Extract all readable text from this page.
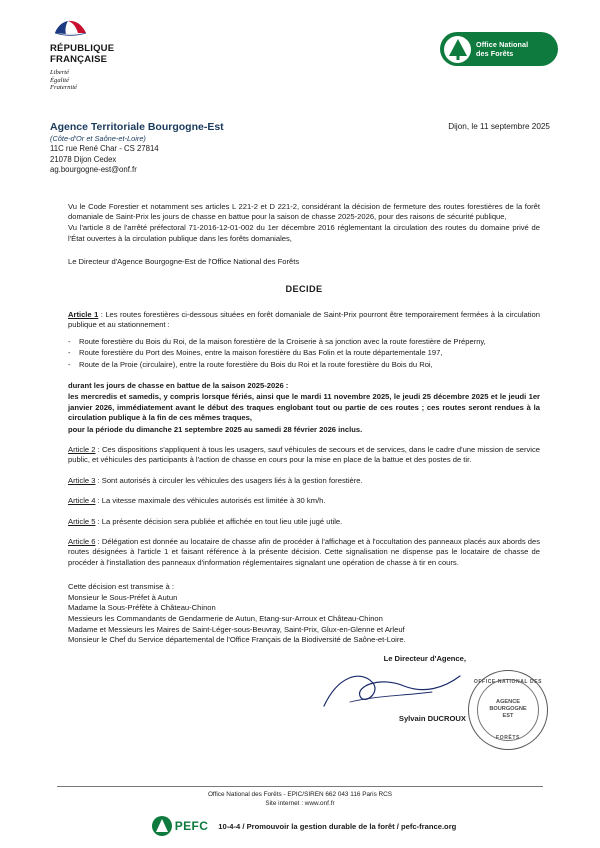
RÉPUBLIQUE
FRANÇAISE
Liberté
Égalité
Fraternité
Office National
des Forêts
Agence Territoriale Bourgogne-Est
(Côte-d'Or et Saône-et-Loire)
11C rue René Char - CS 27814
21078 Dijon Cedex
ag.bourgogne-est@onf.fr
Dijon, le 11 septembre 2025

Vu le Code Forestier et notamment ses articles L 221-2 et D 221-2, considérant la décision de fermeture des routes forestières de la forêt domaniale de Saint-Prix les jours de chasse en battue pour la saison de chasse 2025-2026, pour des raisons de sécurité publique,

Vu l'article 8 de l'arrêté préfectoral 71-2016-12-01-002 du 1er décembre 2016 réglementant la circulation des routes du domaine privé de l'État ouvertes à la circulation publique dans les forêts domaniales,

Le Directeur d'Agence Bourgogne-Est de l'Office National des Forêts
DECIDE
Article 1 : Les routes forestières ci-dessous situées en forêt domaniale de Saint-Prix pourront être temporairement fermées à la circulation publique et au stationnement :
-	Route forestière du Bois du Roi, de la maison forestière de la Croiserie à sa jonction avec la route forestière de Préperny,
-	Route forestière du Port des Moines, entre la maison forestière du Bas Folin et la route départementale 197,
-	Route de la Proie (circulaire), entre la route forestière du Bois du Roi et la route forestière du Bois du Roi,

durant les jours de chasse en battue de la saison 2025-2026 :

les mercredis et samedis, y compris lorsque fériés, ainsi que le mardi 11 novembre 2025, le jeudi 25 décembre 2025 et le jeudi 1er janvier 2026, immédiatement avant le début des traques englobant tout ou partie de ces routes ; ces routes seront rendues à la circulation publique à la fin de ces mêmes traques,

pour la période du dimanche 21 septembre 2025 au samedi 28 février 2026 inclus.

Article 2 : Ces dispositions s'appliquent à tous les usagers, sauf véhicules de secours et de services, dans le cadre d'une mission de service public, et véhicules des participants à l'action de chasse en cours pour la mise en place de la battue et des postes de tir.
Article 3 : Sont autorisés à circuler les véhicules des usagers liés à la gestion forestière.
Article 4 : La vitesse maximale des véhicules autorisés est limitée à 30 km/h.
Article 5 : La présente décision sera publiée et affichée en tout lieu utile jugé utile.
Article 6 : Délégation est donnée au locataire de chasse afin de procéder à l'affichage et à l'occultation des panneaux placés aux abords des routes désignées à l'article 1 et faisant référence à la présente décision. Cette signalisation ne dispense pas le locataire de chasse de procéder à l'installation des panneaux d'information réglementaires signalant une opération de chasse à tir en cours.

Cette décision est transmise à :

Monsieur le Sous-Préfet à Autun

Madame la Sous-Préfète à Château-Chinon

Messieurs les Commandants de Gendarmerie de Autun, Etang-sur-Arroux et Château-Chinon

Madame et Messieurs les Maires de Saint-Léger-sous-Beuvray, Saint-Prix, Glux-en-Glenne et Arleuf

Monsieur le Chef du Service départemental de l'Office Français de la Biodiversité de Saône-et-Loire.

Le Directeur d'Agence,
Sylvain DUCROUX
OFFICE NATIONAL DES
AGENCE
BOURGOGNE
EST
FORÊTS
Office National des Forêts - EPIC/SIREN 662 043 116 Paris RCS
Site internet : www.onf.fr
PEFC 10-4-4 / Promouvoir la gestion durable de la forêt / pefc-france.org
